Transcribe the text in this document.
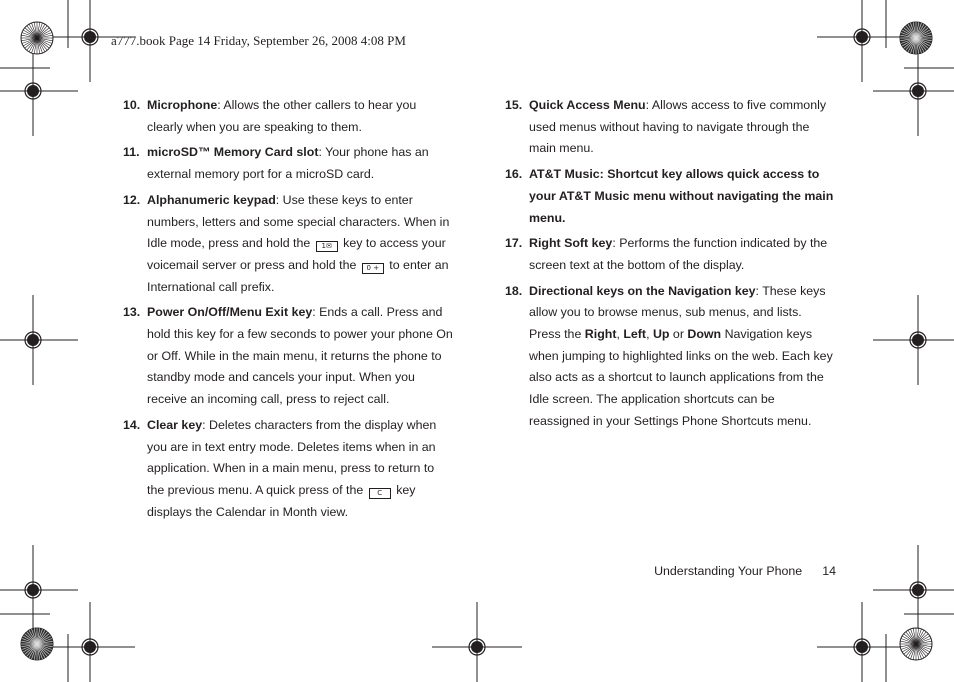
a777.book Page 14 Friday, September 26, 2008 4:08 PM
10. Microphone: Allows the other callers to hear you clearly when you are speaking to them.
11. microSD™ Memory Card slot: Your phone has an external memory port for a microSD card.
12. Alphanumeric keypad: Use these keys to enter numbers, letters and some special characters. When in Idle mode, press and hold the 1✉ key to access your voicemail server or press and hold the 0 + to enter an International call prefix.
13. Power On/Off/Menu Exit key: Ends a call. Press and hold this key for a few seconds to power your phone On or Off. While in the main menu, it returns the phone to standby mode and cancels your input. When you receive an incoming call, press to reject call.
14. Clear key: Deletes characters from the display when you are in text entry mode. Deletes items when in an application. When in a main menu, press to return to the previous menu. A quick press of the C key displays the Calendar in Month view.
15. Quick Access Menu: Allows access to five commonly used menus without having to navigate through the main menu.
16. AT&T Music: Shortcut key allows quick access to your AT&T Music menu without navigating the main menu.
17. Right Soft key: Performs the function indicated by the screen text at the bottom of the display.
18. Directional keys on the Navigation key: These keys allow you to browse menus, sub menus, and lists. Press the Right, Left, Up or Down Navigation keys when jumping to highlighted links on the web. Each key also acts as a shortcut to launch applications from the Idle screen. The application shortcuts can be reassigned in your Settings Phone Shortcuts menu.
Understanding Your Phone 14
